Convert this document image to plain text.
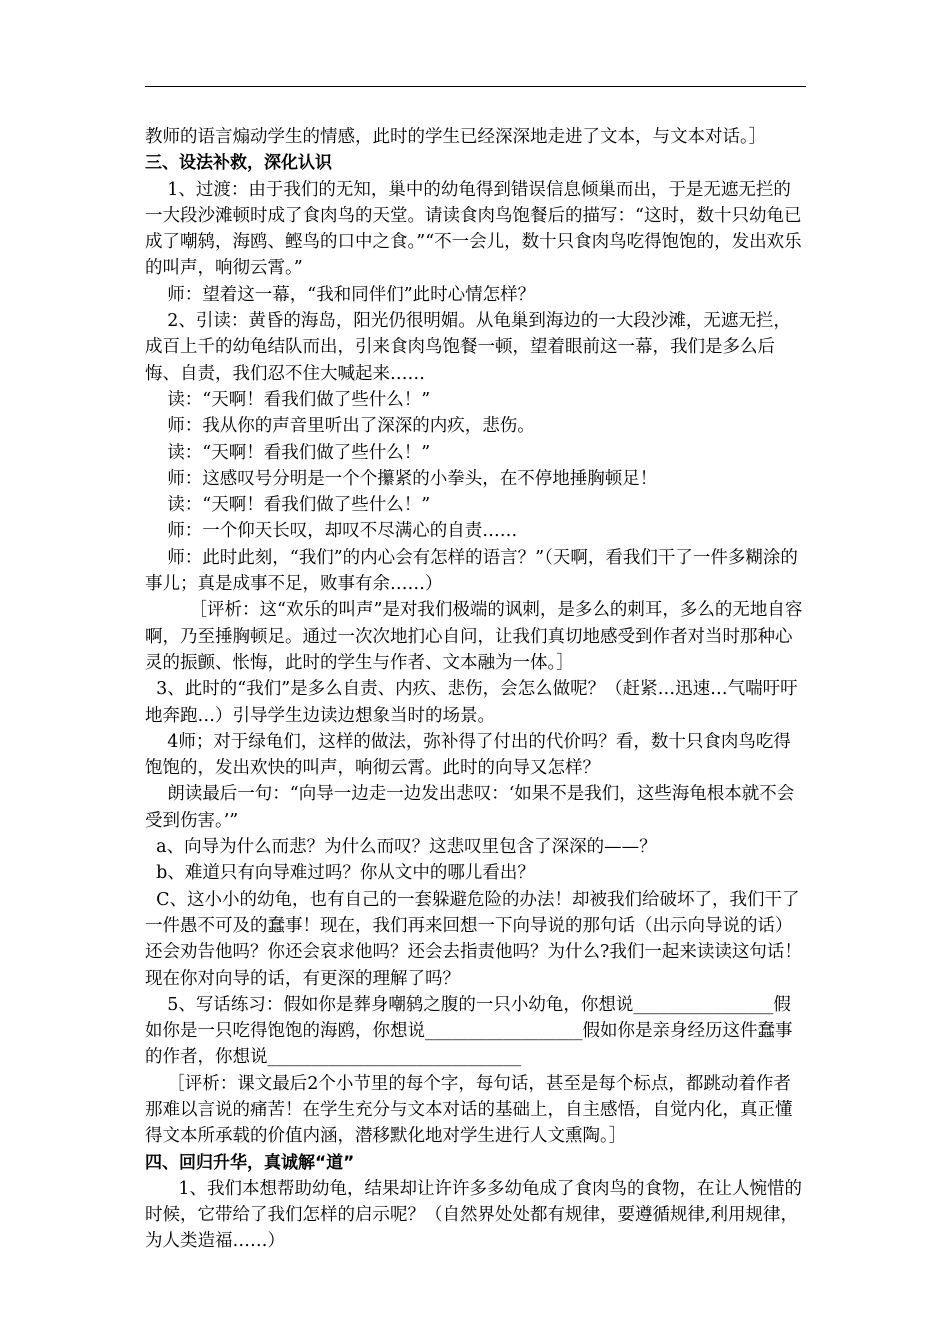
教师的语言煽动学生的情感，此时的学生已经深深地走进了文本，与文本对话。］

三、设法补救，深化认识

1、过渡：由于我们的无知，巢中的幼龟得到错误信息倾巢而出，于是无遮无拦的一大段沙滩顿时成了食肉鸟的天堂。请读食肉鸟饱餐后的描写：“这时，数十只幼龟已成了嘲鸫，海鸥、鲣鸟的口中之食。”“不一会儿，数十只食肉鸟吃得饱饱的，发出欢乐的叫声，响彻云霄。”

师：望着这一幕，“我和同伴们”此时心情怎样？

2、引读：黄昏的海岛，阳光仍很明媚。从龟巢到海边的一大段沙滩，无遮无拦，成百上千的幼龟结队而出，引来食肉鸟饱餐一顿，望着眼前这一幕，我们是多么后悔、自责，我们忍不住大喊起来……

读：“天啊！看我们做了些什么！”

师：我从你的声音里听出了深深的内疚，悲伤。

读：“天啊！看我们做了些什么！”

师：这感叹号分明是一个个攥紧的小拳头，在不停地捶胸顿足！

读：“天啊！看我们做了些什么！”

师：一个仰天长叹，却叹不尽满心的自责……

师：此时此刻，“我们”的内心会有怎样的语言？”（天啊，看我们干了一件多糊涂的事儿；真是成事不足，败事有余……）

［评析：这“欢乐的叫声”是对我们极端的讽刺，是多么的刺耳，多么的无地自容啊，乃至捶胸顿足。通过一次次地扪心自问，让我们真切地感受到作者对当时那种心灵的振颤、怅悔，此时的学生与作者、文本融为一体。］

3、此时的“我们”是多么自责、内疚、悲伤，会怎么做呢？（赶紧…迅速…气喘吁吁地奔跑…）引导学生边读边想象当时的场景。

4师；对于绿龟们，这样的做法，弥补得了付出的代价吗？看，数十只食肉鸟吃得饱饱的，发出欢快的叫声，响彻云霄。此时的向导又怎样？

朗读最后一句：“向导一边走一边发出悲叹：‘如果不是我们，这些海龟根本就不会受到伤害。’”

a、向导为什么而悲？为什么而叹？这悲叹里包含了深深的——？

b、难道只有向导难过吗？你从文中的哪儿看出？

C、这小小的幼龟，也有自己的一套躲避危险的办法！却被我们给破坏了，我们干了一件愚不可及的蠢事！现在，我们再来回想一下向导说的那句话（出示向导说的话）还会劝告他吗？你还会哀求他吗？还会去指责他吗？为什么?我们一起来读读这句话！现在你对向导的话，有更深的理解了吗？

5、写话练习：假如你是葬身嘲鸫之腹的一只小幼龟，你想说________________假如你是一只吃得饱饱的海鸥，你想说__________________假如你是亲身经历这件蠢事的作者，你想说_____________________________

［评析：课文最后2个小节里的每个字，每句话，甚至是每个标点，都跳动着作者那难以言说的痛苦！在学生充分与文本对话的基础上，自主感悟，自觉内化，真正懂得文本所承载的价值内涵，潜移默化地对学生进行人文熏陶。］

四、回归升华，真诚解“道”

1、我们本想帮助幼龟，结果却让许许多多幼龟成了食肉鸟的食物，在让人惋惜的时候，它带给了我们怎样的启示呢？（自然界处处都有规律，要遵循规律,利用规律，为人类造福……）
